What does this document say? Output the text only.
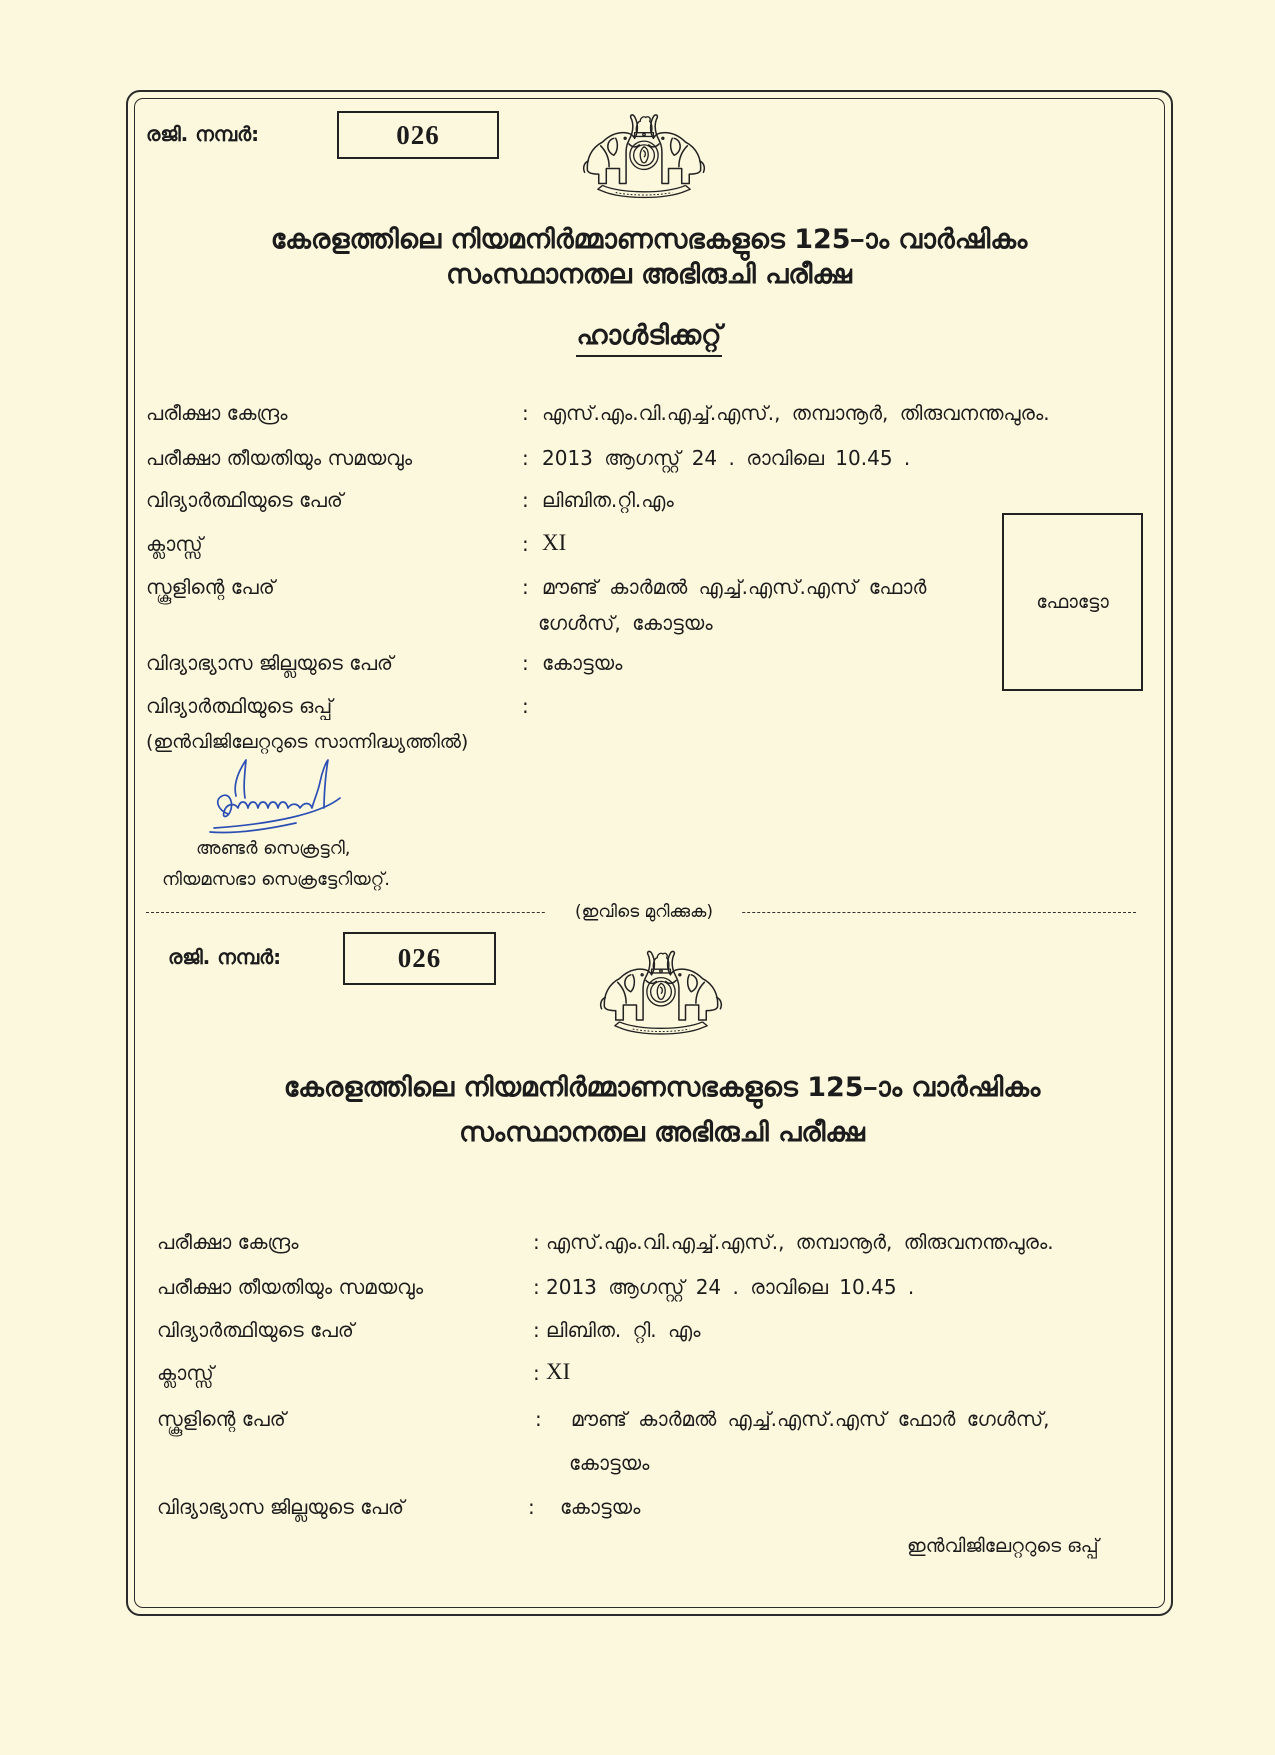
രജി. നമ്പർ:	026
കേരളത്തിലെ നിയമനിർമ്മാണസഭകളുടെ 125–ാം വാർഷികം
സംസ്ഥാനതല അഭിരുചി പരീക്ഷ
ഹാൾടിക്കറ്റ്
പരീക്ഷാ കേന്ദ്രം	: എസ്.എം.വി.എച്ച്.എസ്., തമ്പാനൂർ, തിരുവനന്തപുരം.
പരീക്ഷാ തീയതിയും സമയവും	: 2013 ആഗസ്റ്റ് 24 . രാവിലെ 10.45 .
വിദ്യാർത്ഥിയുടെ പേര്	: ലിബിത.റ്റി.എം
ക്ലാസ്സ്	: XI
സ്കൂളിന്റെ പേര്	: മൗണ്ട് കാർമൽ എച്ച്.എസ്.എസ് ഫോർ
ഗേൾസ്, കോട്ടയം
വിദ്യാഭ്യാസ ജില്ലയുടെ പേര്	: കോട്ടയം
വിദ്യാർത്ഥിയുടെ ഒപ്പ്	:
(ഇൻവിജിലേറ്ററുടെ സാന്നിദ്ധ്യത്തിൽ)
ഫോട്ടോ
അണ്ടർ സെക്രട്ടറി,
നിയമസഭാ സെക്രട്ടേറിയറ്റ്.
(ഇവിടെ മുറിക്കുക)
രജി. നമ്പർ:	026
കേരളത്തിലെ നിയമനിർമ്മാണസഭകളുടെ 125–ാം വാർഷികം
സംസ്ഥാനതല അഭിരുചി പരീക്ഷ
പരീക്ഷാ കേന്ദ്രം	: എസ്.എം.വി.എച്ച്.എസ്., തമ്പാനൂർ, തിരുവനന്തപുരം.
പരീക്ഷാ തീയതിയും സമയവും	: 2013 ആഗസ്റ്റ് 24 . രാവിലെ 10.45 .
വിദ്യാർത്ഥിയുടെ പേര്	: ലിബിത. റ്റി. എം
ക്ലാസ്സ്	: XI
സ്കൂളിന്റെ പേര്	: മൗണ്ട് കാർമൽ എച്ച്.എസ്.എസ് ഫോർ ഗേൾസ്,
കോട്ടയം
വിദ്യാഭ്യാസ ജില്ലയുടെ പേര്	: കോട്ടയം
ഇൻവിജിലേറ്ററുടെ ഒപ്പ്
